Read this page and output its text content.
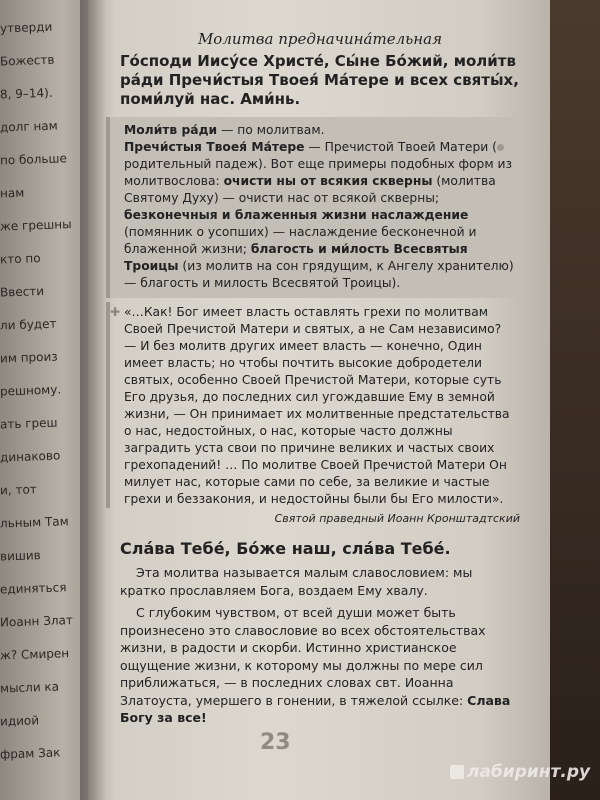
утверди
Божеств
8, 9–14).
долг нам
по больше
нам
же грешны
кто по
Ввести
ли будет
им произ
решному.
ать греш
динаково
и, тот
льным Там
вишив
единяться
Иоанн Злат
ж? Смирен
мысли ка
идиой
фрам Зак
Молитва предначина́тельная
Го́споди Иису́се Христе́, Сы́не Бо́жий, моли́тв ра́ди Пречи́стыя Твоея́ Ма́тере и всех святы́х, поми́луй нас. Ами́нь.

Моли́тв ра́ди — по молитвам.

Пречи́стыя Твоея́ Ма́тере — Пречистой Твоей Матери ( родительный падеж). Вот еще примеры подобных форм из молитвослова: очисти ны от всякия скверны (молитва Святому Духу) — очисти нас от всякой скверны; безконечныя и блаженныя жизни наслаждение (помянник о усопших) — наслаждение бесконечной и блаженной жизни; благость и ми́лость Всесвятыя Троицы (из молитв на сон грядущим, к Ангелу хранителю) — благость и милость Всесвятой Троицы).

✚ «…Как! Бог имеет власть оставлять грехи по молитвам Своей Пречистой Матери и святых, а не Сам независимо? — И без молитв других имеет власть — конечно, Один имеет власть; но чтобы почтить высокие добродетели святых, особенно Своей Пречистой Матери, которые суть Его друзья, до последних сил угождавшие Ему в земной жизни, — Он принимает их молитвенные предстательства о нас, недостойных, о нас, которые часто должны заградить уста свои по причине великих и частых своих грехопадений! … По молитве Своей Пречистой Матери Он милует нас, которые сами по себе, за великие и частые грехи и беззакония, и недостойны были бы Его милости».
Святой праведный Иоанн Кронштадтский
Сла́ва Тебе́, Бо́же наш, сла́ва Тебе́.

Эта молитва называется малым славословием: мы кратко прославляем Бога, воздаем Ему хвалу.

С глубоким чувством, от всей души может быть произнесено это славословие во всех обстоятельствах жизни, в радости и скорби. Истинно христианское ощущение жизни, к которому мы должны по мере сил приближаться, — в последних словах свт. Иоанна Златоуста, умершего в гонении, в тяжелой ссылке: Слава Богу за все!

23
лабиринт.ру
